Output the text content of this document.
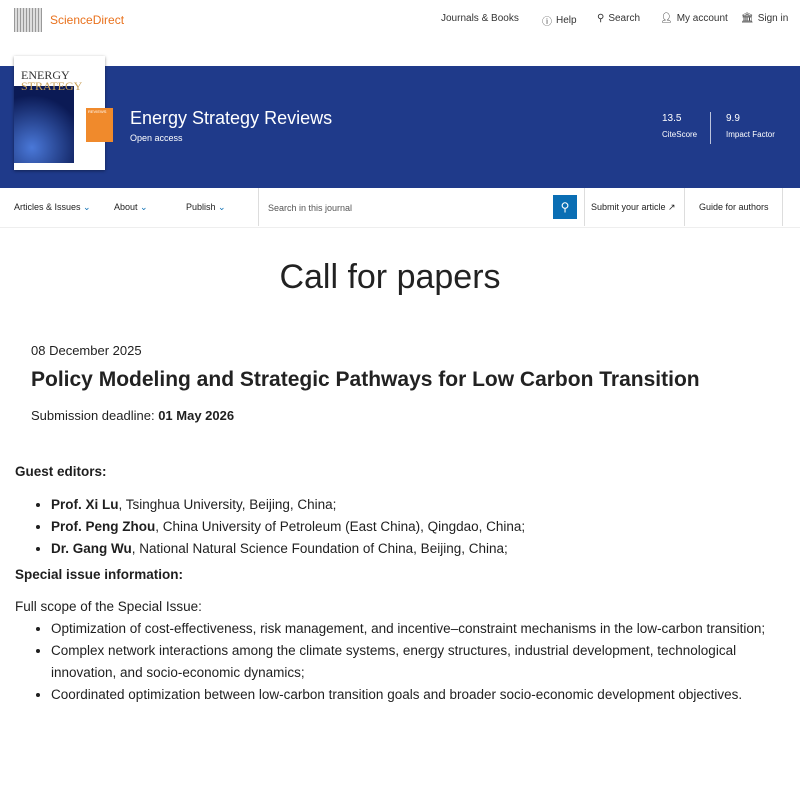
ScienceDirect	Journals & Books ⓘ Help ⚲ Search 👤︎ My account 🏛︎ Sign in
ENERGY
STRATEGY
REVIEWS Energy Strategy Reviews
Open access
13.5
CiteScore
9.9
Impact Factor
Articles & Issues ⌄	About ⌄	Publish ⌄	Search in this journal	⚲	Submit your article ↗	Guide for authors
Call for papers
08 December 2025
Policy Modeling and Strategic Pathways for Low Carbon Transition
Submission deadline: 01 May 2026

Guest editors:

• Prof. Xi Lu, Tsinghua University, Beijing, China;
• Prof. Peng Zhou, China University of Petroleum (East China), Qingdao, China;
• Dr. Gang Wu, National Natural Science Foundation of China, Beijing, China;

Special issue information:

Full scope of the Special Issue:

• Optimization of cost-effectiveness, risk management, and incentive–constraint mechanisms in the low-carbon transition;
• Complex network interactions among the climate systems, energy structures, industrial development, technological innovation, and socio-economic dynamics;
• Coordinated optimization between low-carbon transition goals and broader socio-economic development objectives.
